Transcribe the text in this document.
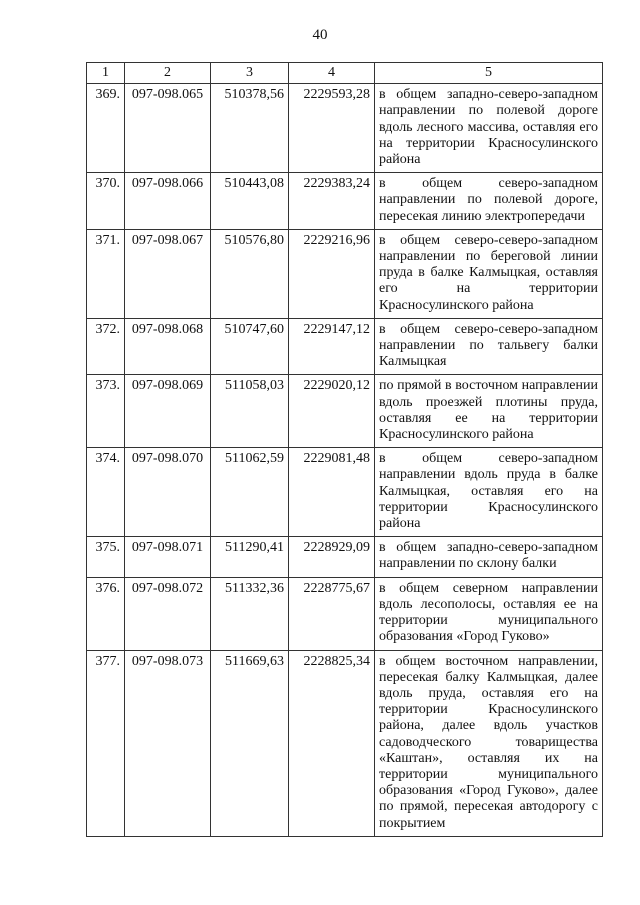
40
1	2	3	4	5
369.	097-098.065	510378,56	2229593,28	в общем западно-северо-западном направлении по полевой дороге вдоль лесного массива, оставляя его на территории Красносулинского района
370.	097-098.066	510443,08	2229383,24	в общем северо-западном направлении по полевой дороге, пересекая линию электропередачи
371.	097-098.067	510576,80	2229216,96	в общем северо-северо-западном направлении по береговой линии пруда в балке Калмыцкая, оставляя его на территории Красносулинского района
372.	097-098.068	510747,60	2229147,12	в общем северо-северо-западном направлении по тальвегу балки Калмыцкая
373.	097-098.069	511058,03	2229020,12	по прямой в восточном направлении вдоль проезжей плотины пруда, оставляя ее на территории Красносулинского района
374.	097-098.070	511062,59	2229081,48	в общем северо-западном направлении вдоль пруда в балке Калмыцкая, оставляя его на территории Красносулинского района
375.	097-098.071	511290,41	2228929,09	в общем западно-северо-западном направлении по склону балки
376.	097-098.072	511332,36	2228775,67	в общем северном направлении вдоль лесополосы, оставляя ее на территории муниципального образования «Город Гуково»
377.	097-098.073	511669,63	2228825,34	в общем восточном направлении, пересекая балку Калмыцкая, далее вдоль пруда, оставляя его на территории Красносулинского района, далее вдоль участков садоводческого товарищества «Каштан», оставляя их на территории муниципального образования «Город Гуково», далее по прямой, пересекая автодорогу с покрытием
